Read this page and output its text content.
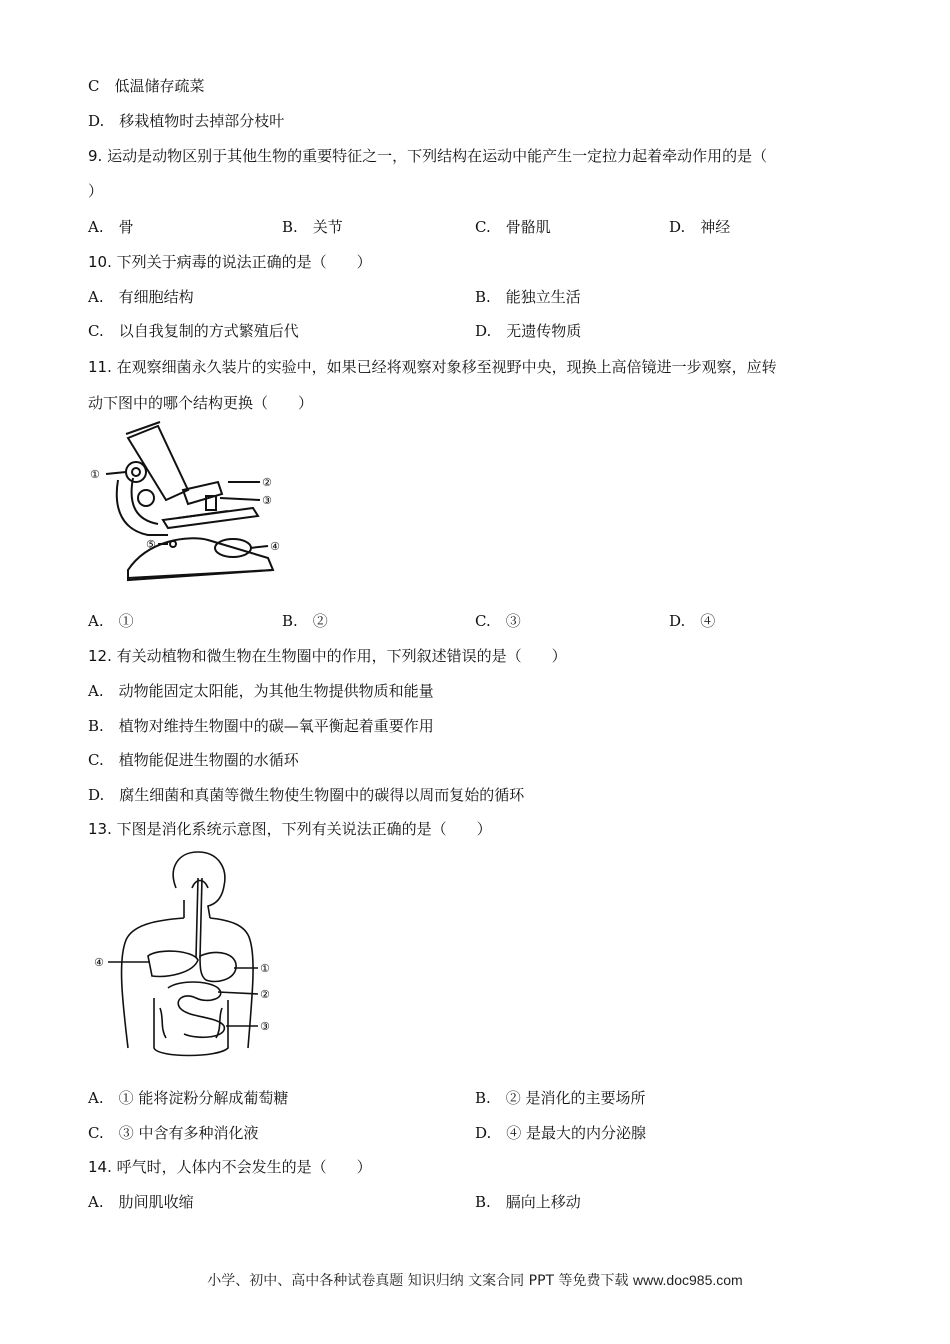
C　低温储存疏菜
D.　移栽植物时去掉部分枝叶
9. 运动是动物区别于其他生物的重要特征之一，下列结构在运动中能产生一定拉力起着牵动作用的是（
）
A.　骨	B.　关节	C.　骨骼肌	D.　神经
10. 下列关于病毒的说法正确的是（　　）
A.　有细胞结构	B.　能独立生活
C.　以自我复制的方式繁殖后代	D.　无遗传物质
11. 在观察细菌永久装片的实验中，如果已经将观察对象移至视野中央，现换上高倍镜进一步观察，应转
动下图中的哪个结构更换（　　）
①
②
③
④
⑤
A.　①	B.　②	C.　③	D.　④
12. 有关动植物和微生物在生物圈中的作用，下列叙述错误的是（　　）
A.　动物能固定太阳能，为其他生物提供物质和能量
B.　植物对维持生物圈中的碳—氧平衡起着重要作用
C.　植物能促进生物圈的水循环
D.　腐生细菌和真菌等微生物使生物圈中的碳得以周而复始的循环
13. 下图是消化系统示意图，下列有关说法正确的是（　　）
④	①
②
③
A.　① 能将淀粉分解成葡萄糖	B.　② 是消化的主要场所
C.　③ 中含有多种消化液	D.　④ 是最大的内分泌腺
14. 呼气时，人体内不会发生的是（　　）
A.　肋间肌收缩	B.　膈向上移动
小学、初中、高中各种试卷真题 知识归纳 文案合同 PPT 等免费下载 www.doc985.com
